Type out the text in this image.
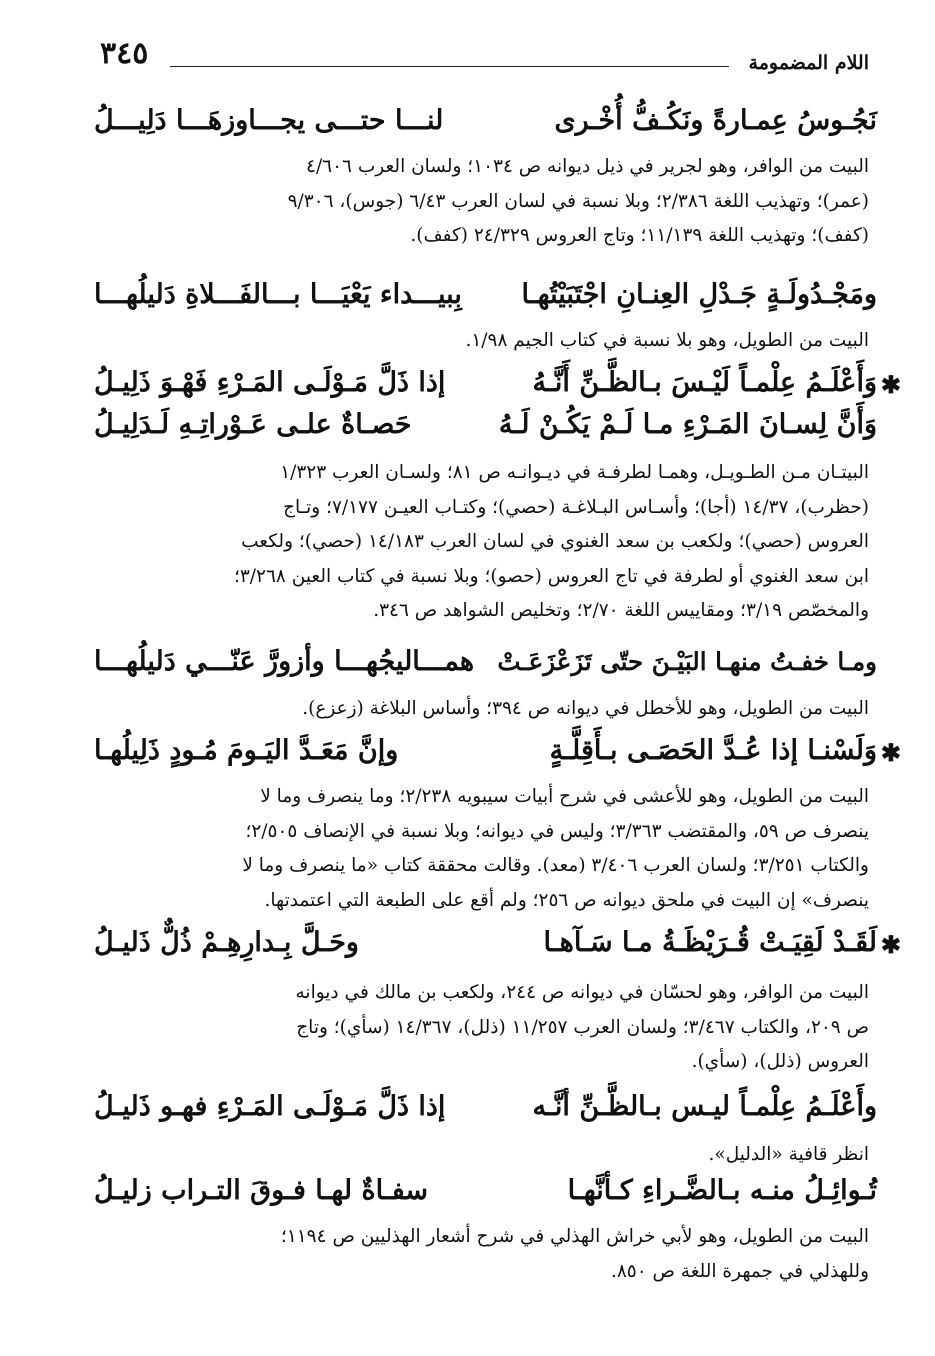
اللام المضمومة
٣٤٥
نَجُـوسُ عِمـارةً ونَكُـفُّ أُخْـرى
لنـــا حتـــى يجـــاوزهَـــا دَلِيـــلُ
البيت من الوافر، وهو لجرير في ذيل ديوانه ص ١٠٣٤؛ ولسان العرب ٤/٦٠٦
(عمر)؛ وتهذيب اللغة ٢/٣٨٦؛ وبلا نسبة في لسان العرب ٦/٤٣ (جوس)، ٩/٣٠٦
(كفف)؛ وتهذيب اللغة ١١/١٣٩؛ وتاج العروس ٢٤/٣٢٩ (كفف).
ومَجْـدُولَـةٍ جَـدْلِ العِنـانِ اجْتَبَيْتُهـا
بِبيـــداء يَعْيَـــا بـــالفَـــلاةِ دَليلُهـــا
البيت من الطويل، وهو بلا نسبة في كتاب الجيم ١/٩٨.
✱
وَأَعْلَـمُ عِلْمـاً لَيْـسَ بـالظَّـنِّ أَنَّـهُ
إذا ذَلَّ مَـوْلَـى المَـرْءِ فَهْـوَ ذَلِيـلُ
وَأَنَّ لِسـانَ المَـرْءِ مـا لَـمْ يَكُـنْ لَـهُ
حَصـاةٌ علـى عَـوْراتِـهِ لَـدَلِيـلُ
البيتـان مـن الطـويـل، وهمـا لطرفـة في ديـوانـه ص ٨١؛ ولسـان العرب ١/٣٢٣
(حظرب)، ١٤/٣٧ (أجا)؛ وأسـاس البـلاغـة (حصي)؛ وكتـاب العيـن ٧/١٧٧؛ وتـاج
العروس (حصي)؛ ولكعب بن سعد الغنوي في لسان العرب ١٤/١٨٣ (حصي)؛ ولكعب
ابن سعد الغنوي أو لطرفة في تاج العروس (حصو)؛ وبلا نسبة في كتاب العين ٣/٢٦٨؛
والمخصّص ٣/١٩؛ ومقاييس اللغة ٢/٧٠؛ وتخليص الشواهد ص ٣٤٦.
ومـا خفـتُ منهـا البَيْـنَ حتّى تَزَعْزَعَـتْ
همـــاليجُهـــا وأزورَّ عَنّـــي دَليلُهـــا
البيت من الطويل، وهو للأخطل في ديوانه ص ٣٩٤؛ وأساس البلاغة (زعزع).
✱
وَلَسْنـا إذا عُـدَّ الحَصَـى بـأَقِلَّـةٍ
وإنَّ مَعَـدَّ اليَـومَ مُـودٍ ذَلِيلُهـا
البيت من الطويل، وهو للأعشى في شرح أبيات سيبويه ٢/٢٣٨؛ وما ينصرف وما لا
ينصرف ص ٥٩، والمقتضب ٣/٣٦٣؛ وليس في ديوانه؛ وبلا نسبة في الإنصاف ٢/٥٠٥؛
والكتاب ٣/٢٥١؛ ولسان العرب ٣/٤٠٦ (معد). وقالت محققة كتاب «ما ينصرف وما لا
ينصرف» إن البيت في ملحق ديوانه ص ٢٥٦؛ ولم أقع على الطبعة التي اعتمدتها.
✱
لَقَـدْ لَقِيَـتْ قُـرَيْظَـةُ مـا سَـآهـا
وحَـلَّ بِـدارِهِـمْ ذُلٌّ ذَليـلُ
البيت من الوافر، وهو لحسّان في ديوانه ص ٢٤٤، ولكعب بن مالك في ديوانه
ص ٢٠٩، والكتاب ٣/٤٦٧؛ ولسان العرب ١١/٢٥٧ (ذلل)، ١٤/٣٦٧ (سأي)؛ وتاج
العروس (ذلل)، (سأي).
وأَعْلَـمُ عِلْمـاً ليـس بـالظَّـنِّ أنَّـه
إذا ذَلَّ مَـوْلَـى المَـرْءِ فهـو ذَليـلُ
انظر قافية «الدليل».
تُـوائِـلُ منـه بـالضَّـراءِ كـأنَّهـا
سفـاةٌ لهـا فـوقَ التـراب زليـلُ
البيت من الطويل، وهو لأبي خراش الهذلي في شرح أشعار الهذليين ص ١١٩٤؛
وللهذلي في جمهرة اللغة ص ٨٥٠.
